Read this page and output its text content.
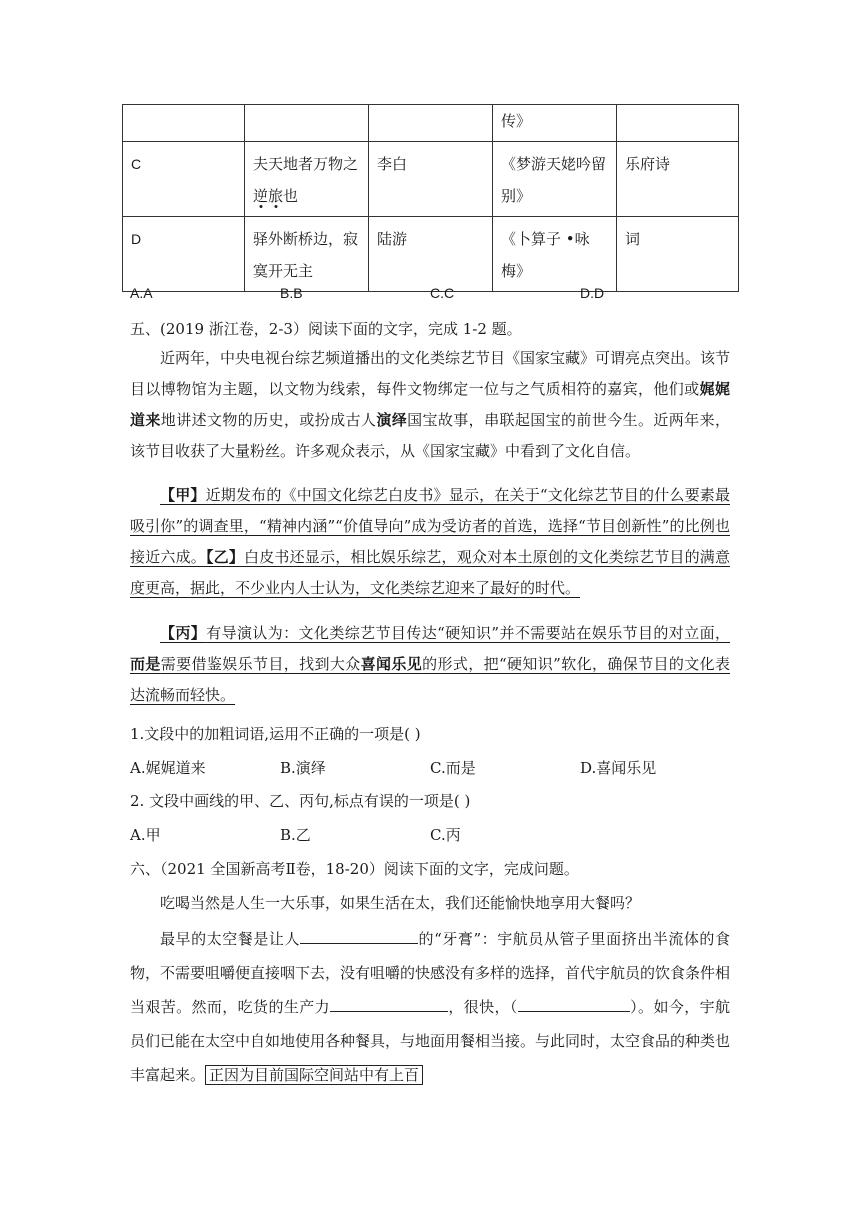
			传》	
C	夫天地者万物之逆旅也	李白	《梦游天姥吟留别》	乐府诗
D	驿外断桥边，寂寞开无主	陆游	《卜算子 •咏梅》	词
A.A	B.B	C.C	D.D
五、(2019 浙江卷，2-3）阅读下面的文字，完成 1-2 题。
近两年，中央电视台综艺频道播出的文化类综艺节目《国家宝藏》可谓亮点突出。该节目以博物馆为主题，以文物为线索，每件文物绑定一位与之气质相符的嘉宾，他们或娓娓道来地讲述文物的历史，或扮成古人演绎国宝故事，串联起国宝的前世今生。近两年来，该节目收获了大量粉丝。许多观众表示，从《国家宝藏》中看到了文化自信。
【甲】近期发布的《中国文化综艺白皮书》显示，在关于“文化综艺节目的什么要素最吸引你”的调查里，“精神内涵”“价值导向”成为受访者的首选，选择“节目创新性”的比例也接近六成。【乙】白皮书还显示，相比娱乐综艺，观众对本土原创的文化类综艺节目的满意度更高，据此，不少业内人士认为，文化类综艺迎来了最好的时代。
【丙】有导演认为：文化类综艺节目传达“硬知识”并不需要站在娱乐节目的对立面，而是需要借鉴娱乐节目，找到大众喜闻乐见的形式，把“硬知识”软化，确保节目的文化表达流畅而轻快。
1.文段中的加粗词语,运用不正确的一项是( )
A.娓娓道来	B.演绎	C.而是	D.喜闻乐见
2. 文段中画线的甲、乙、丙句,标点有误的一项是( )
A.甲	B.乙	C.丙
六、（2021 全国新高考Ⅱ卷，18-20）阅读下面的文字，完成问题。
吃喝当然是人生一大乐事，如果生活在太，我们还能愉快地享用大餐吗？
最早的太空餐是让人	的“牙膏”：宇航员从管子里面挤出半流体的食物，不需要咀嚼便直接咽下去，没有咀嚼的快感没有多样的选择，首代宇航员的饮食条件相当艰苦。然而，吃货的生产力	，很快，（	）。如今，宇航员们已能在太空中自如地使用各种餐具，与地面用餐相当接。与此同时，太空食品的种类也丰富起来。 正因为目前国际空间站中有上百
